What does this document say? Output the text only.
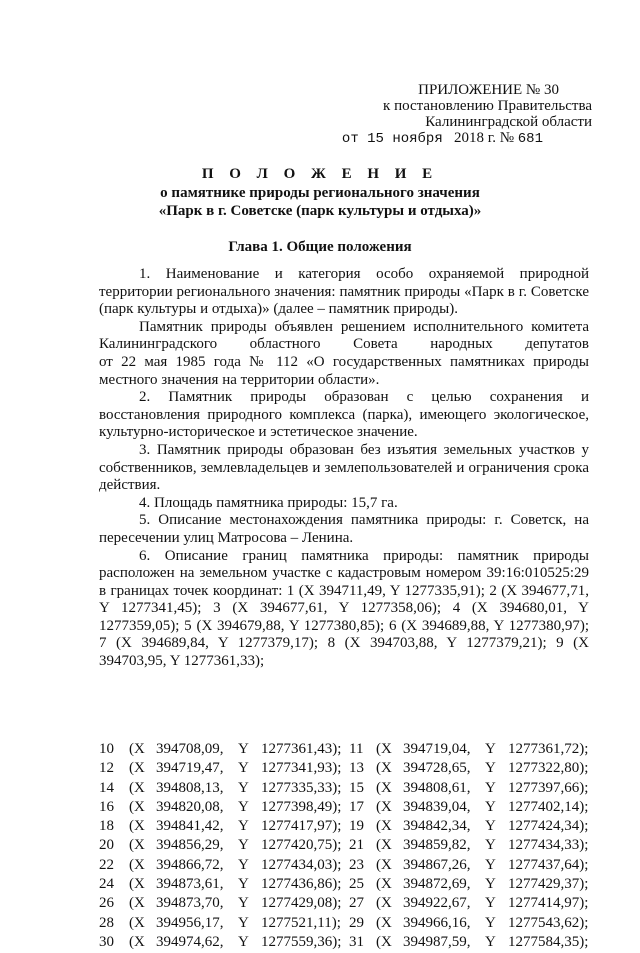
ПРИЛОЖЕНИЕ № 30
к постановлению Правительства
Калининградской области
от 15 ноября 2018 г. № 681
П О Л О Ж Е Н И Е
о памятнике природы регионального значения
«Парк в г. Советске (парк культуры и отдыха)»
Глава 1. Общие положения
1. Наименование и категория особо охраняемой природной территории регионального значения: памятник природы «Парк в г. Советске (парк культуры и отдыха)» (далее – памятник природы).
Памятник природы объявлен решением исполнительного комитета
Калининградского областного Совета народных депутатов
от 22 мая 1985 года № 112 «О государственных памятниках природы местного значения на территории области».
2. Памятник природы образован с целью сохранения и восстановления природного комплекса (парка), имеющего экологическое, культурно-историческое и эстетическое значение.
3. Памятник природы образован без изъятия земельных участков у собственников, землевладельцев и землепользователей и ограничения срока действия.
4. Площадь памятника природы: 15,7 га.
5. Описание местонахождения памятника природы: г. Советск, на пересечении улиц Матросова – Ленина.
6. Описание границ памятника природы: памятник природы расположен на земельном участке с кадастровым номером 39:16:010525:29 в границах точек координат: 1 (X 394711,49, Y 1277335,91); 2 (X 394677,71, Y 1277341,45); 3 (X 394677,61, Y 1277358,06); 4 (X 394680,01, Y 1277359,05); 5 (X 394679,88, Y 1277380,85); 6 (X 394689,88, Y 1277380,97); 7 (X 394689,84, Y 1277379,17); 8 (X 394703,88, Y 1277379,21); 9 (X 394703,95, Y 1277361,33);
10 (X 394708,09, Y 1277361,43); 11 (X 394719,04, Y 1277361,72);
12 (X 394719,47, Y 1277341,93); 13 (X 394728,65, Y 1277322,80);
14 (X 394808,13, Y 1277335,33); 15 (X 394808,61, Y 1277397,66);
16 (X 394820,08, Y 1277398,49); 17 (X 394839,04, Y 1277402,14);
18 (X 394841,42, Y 1277417,97); 19 (X 394842,34, Y 1277424,34);
20 (X 394856,29, Y 1277420,75); 21 (X 394859,82, Y 1277434,33);
22 (X 394866,72, Y 1277434,03); 23 (X 394867,26, Y 1277437,64);
24 (X 394873,61, Y 1277436,86); 25 (X 394872,69, Y 1277429,37);
26 (X 394873,70, Y 1277429,08); 27 (X 394922,67, Y 1277414,97);
28 (X 394956,17, Y 1277521,11); 29 (X 394966,16, Y 1277543,62);
30 (X 394974,62, Y 1277559,36); 31 (X 394987,59, Y 1277584,35);
